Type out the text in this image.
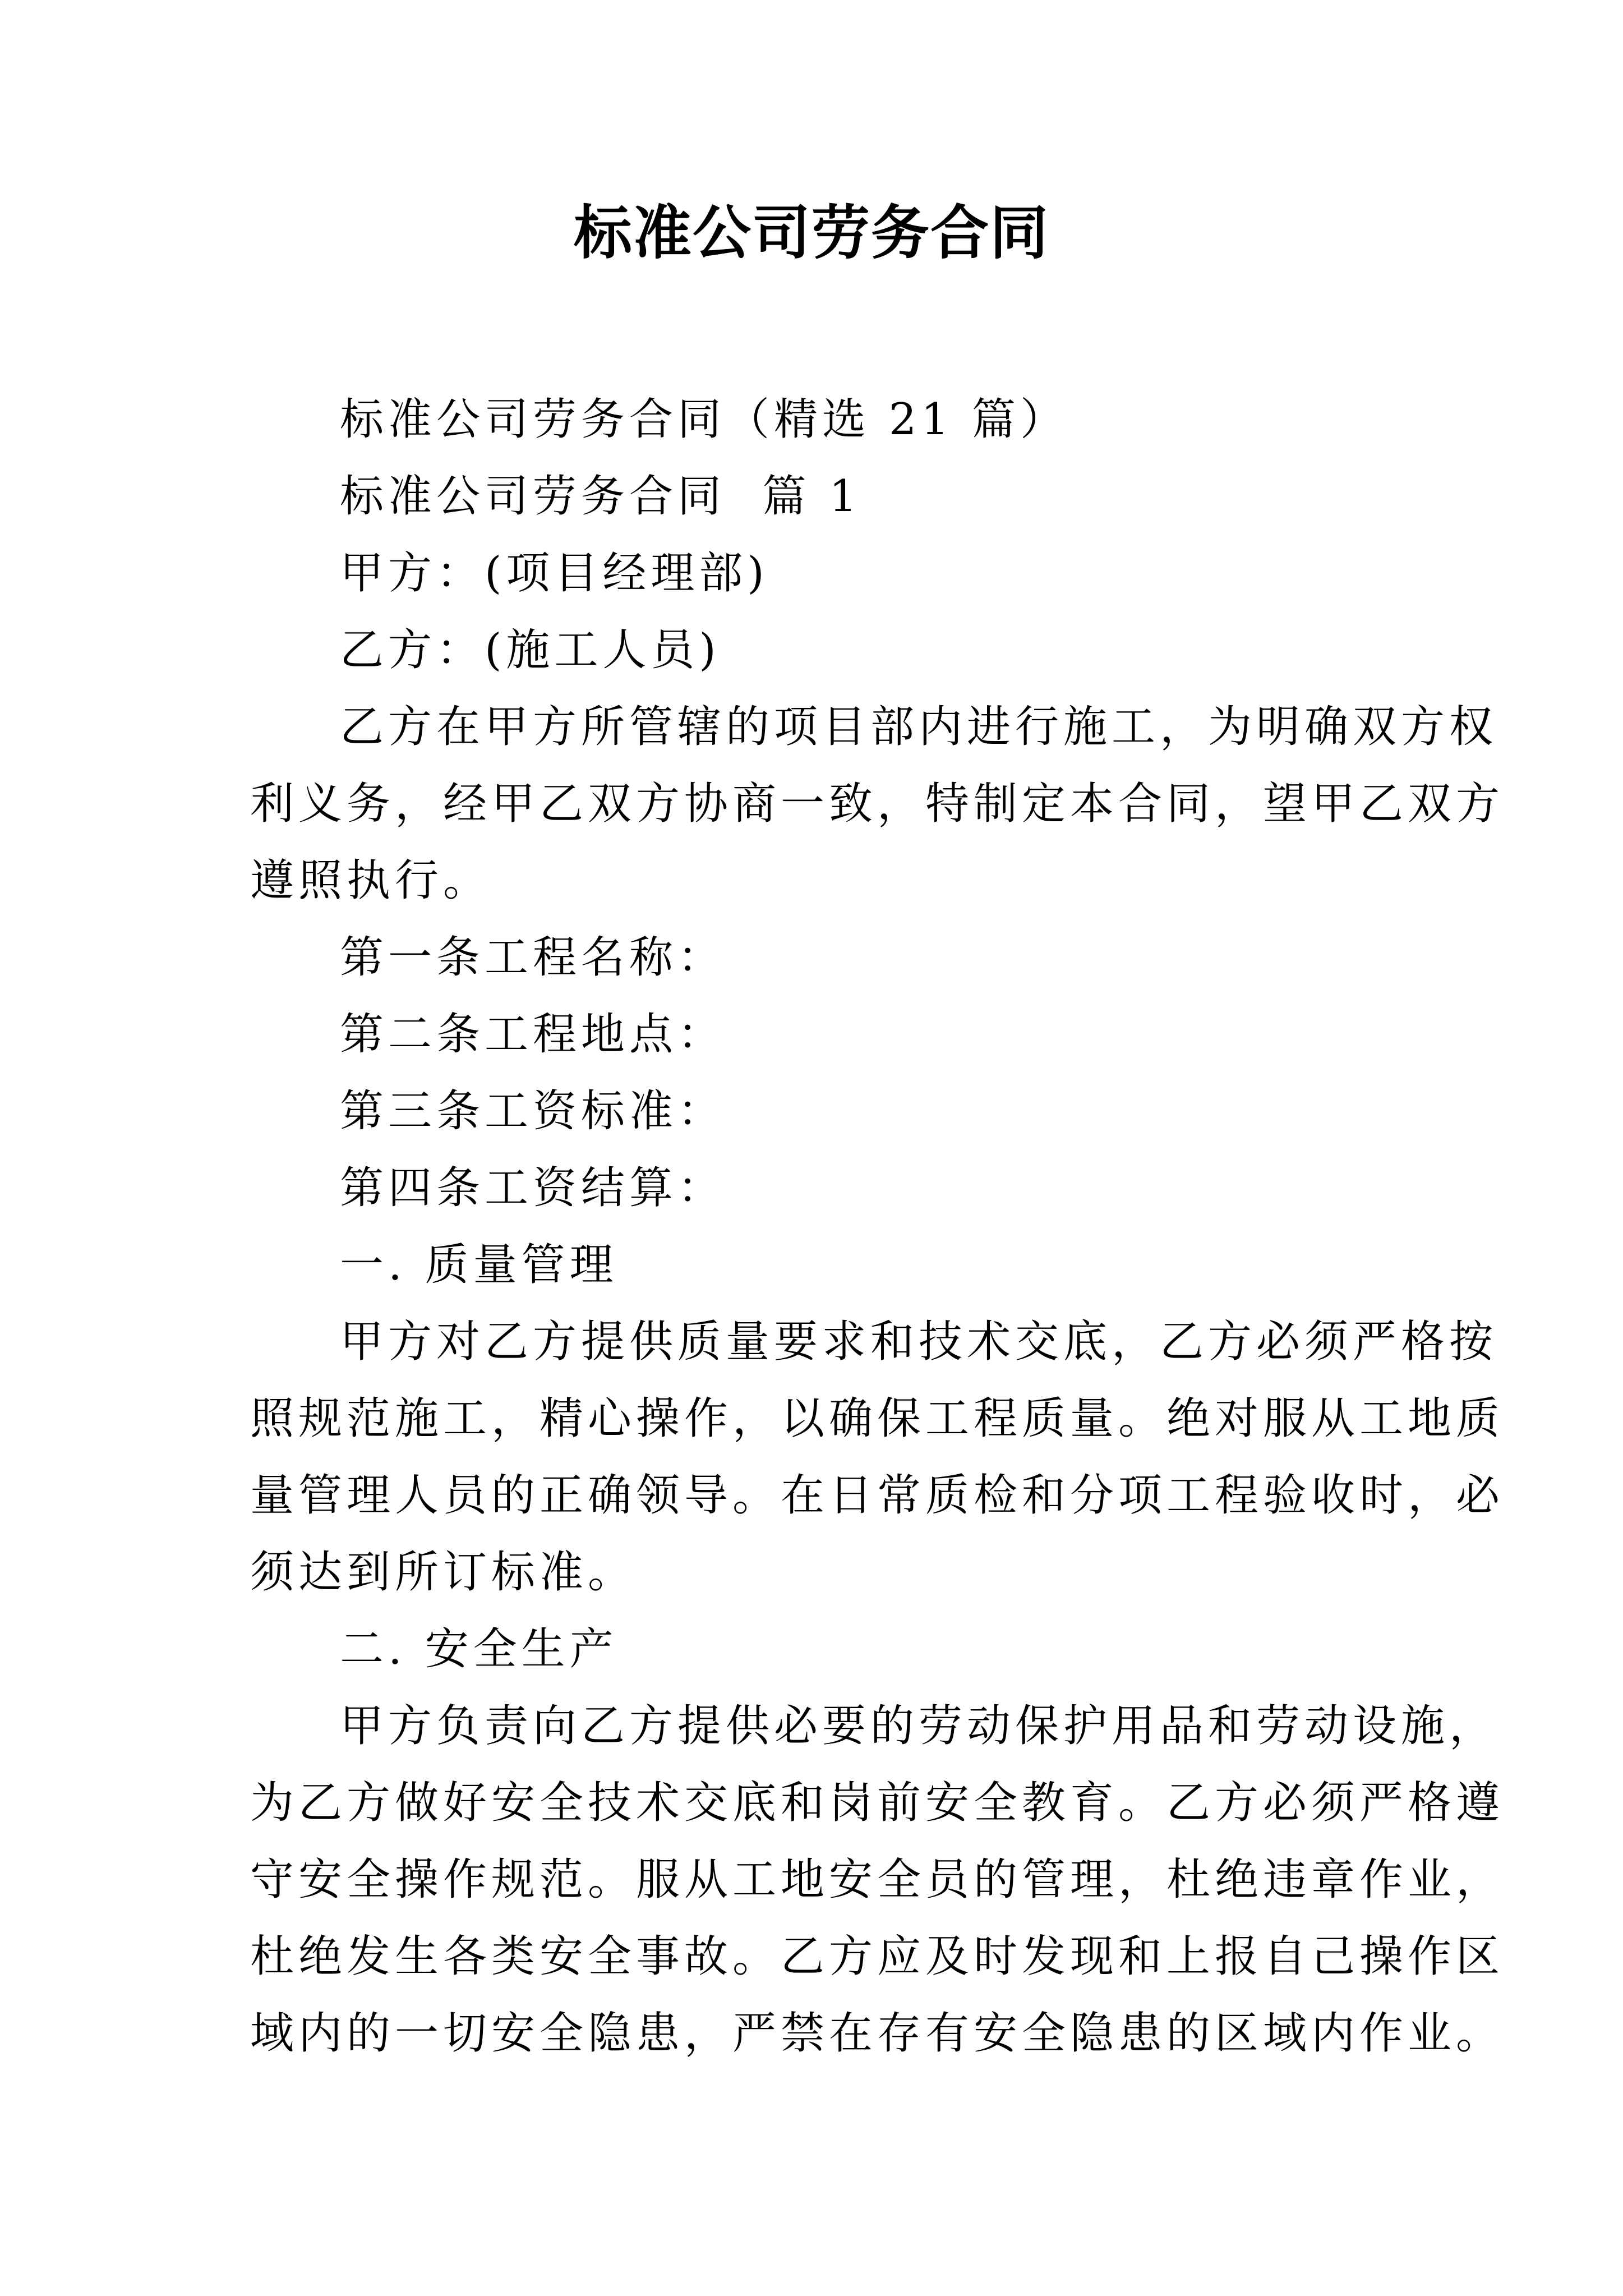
标准公司劳务合同
标准公司劳务合同（精选 21 篇）
标准公司劳务合同  篇 1
甲方：(项目经理部)
乙方：(施工人员)
乙方在甲方所管辖的项目部内进行施工，为明确双方权
利义务，经甲乙双方协商一致，特制定本合同，望甲乙双方
遵照执行。
第一条工程名称：
第二条工程地点：
第三条工资标准：
第四条工资结算：
一. 质量管理
甲方对乙方提供质量要求和技术交底，乙方必须严格按
照规范施工，精心操作，以确保工程质量。绝对服从工地质
量管理人员的正确领导。在日常质检和分项工程验收时，必
须达到所订标准。
二. 安全生产
甲方负责向乙方提供必要的劳动保护用品和劳动设施，
为乙方做好安全技术交底和岗前安全教育。乙方必须严格遵
守安全操作规范。服从工地安全员的管理，杜绝违章作业，
杜绝发生各类安全事故。乙方应及时发现和上报自己操作区
域内的一切安全隐患，严禁在存有安全隐患的区域内作业。
